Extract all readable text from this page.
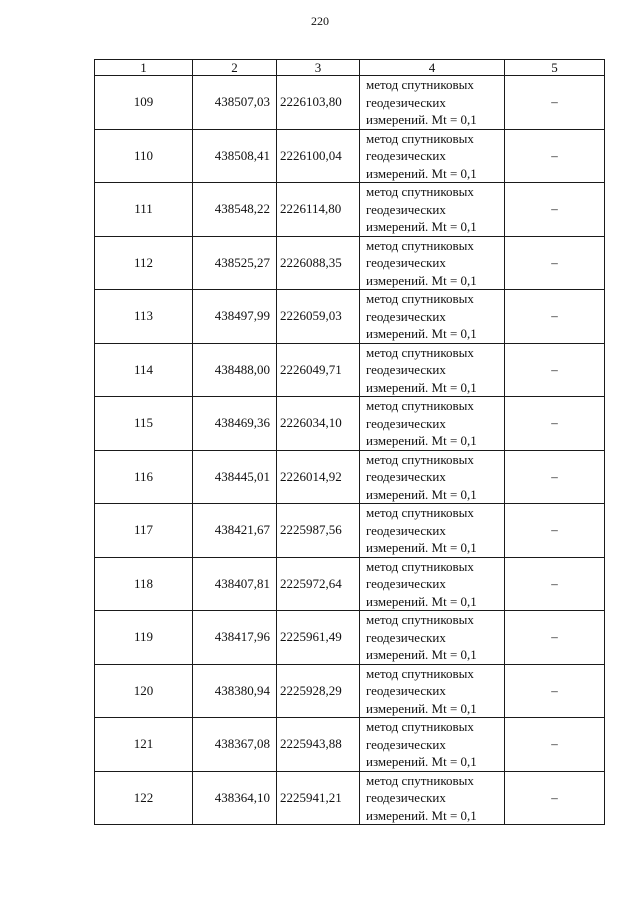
220
1	2	3	4	5
109	438507,03	2226103,80	метод спутниковых
геодезических
измерений. Mt = 0,1	–
110	438508,41	2226100,04	метод спутниковых
геодезических
измерений. Mt = 0,1	–
111	438548,22	2226114,80	метод спутниковых
геодезических
измерений. Mt = 0,1	–
112	438525,27	2226088,35	метод спутниковых
геодезических
измерений. Mt = 0,1	–
113	438497,99	2226059,03	метод спутниковых
геодезических
измерений. Mt = 0,1	–
114	438488,00	2226049,71	метод спутниковых
геодезических
измерений. Mt = 0,1	–
115	438469,36	2226034,10	метод спутниковых
геодезических
измерений. Mt = 0,1	–
116	438445,01	2226014,92	метод спутниковых
геодезических
измерений. Mt = 0,1	–
117	438421,67	2225987,56	метод спутниковых
геодезических
измерений. Mt = 0,1	–
118	438407,81	2225972,64	метод спутниковых
геодезических
измерений. Mt = 0,1	–
119	438417,96	2225961,49	метод спутниковых
геодезических
измерений. Mt = 0,1	–
120	438380,94	2225928,29	метод спутниковых
геодезических
измерений. Mt = 0,1	–
121	438367,08	2225943,88	метод спутниковых
геодезических
измерений. Mt = 0,1	–
122	438364,10	2225941,21	метод спутниковых
геодезических
измерений. Mt = 0,1	–
